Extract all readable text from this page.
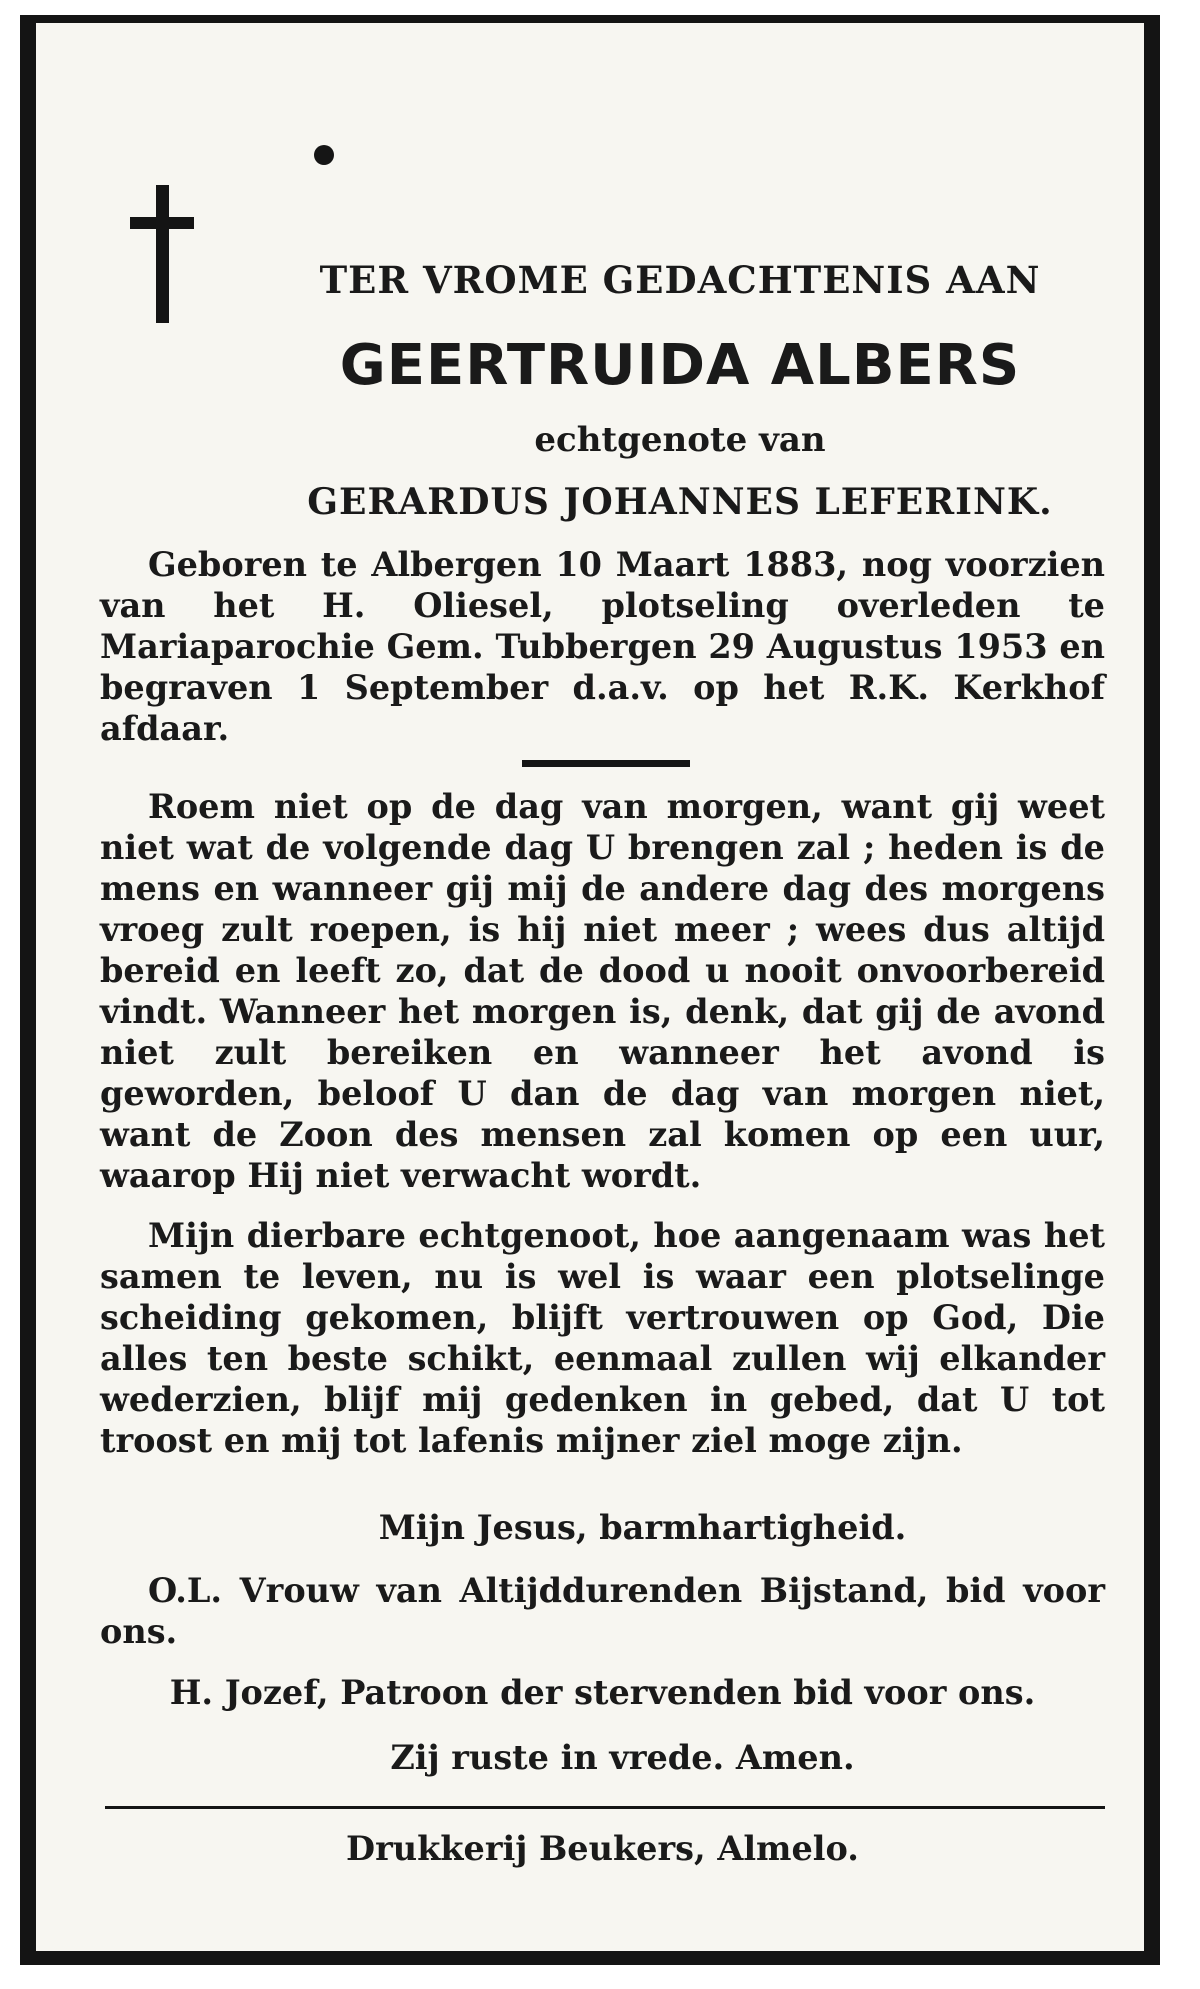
TER VROME GEDACHTENIS AAN
GEERTRUIDA ALBERS
echtgenote van
GERARDUS JOHANNES LEFERINK.
Geboren te Albergen 10 Maart 1883, nog voorzien van het H. Oliesel, plotseling overleden te Mariaparochie Gem. Tubbergen 29 Augustus 1953 en begraven 1 September d.a.v. op het R.K. Kerkhof afdaar.
Roem niet op de dag van morgen, want gij weet niet wat de volgende dag U brengen zal ; heden is de mens en wanneer gij mij de andere dag des morgens vroeg zult roepen, is hij niet meer ; wees dus altijd bereid en leeft zo, dat de dood u nooit onvoorbereid vindt. Wanneer het morgen is, denk, dat gij de avond niet zult bereiken en wanneer het avond is geworden, beloof U dan de dag van morgen niet, want de Zoon des mensen zal komen op een uur, waarop Hij niet verwacht wordt.
Mijn dierbare echtgenoot, hoe aangenaam was het samen te leven, nu is wel is waar een plotselinge scheiding gekomen, blijft vertrouwen op God, Die alles ten beste schikt, eenmaal zullen wij elkander wederzien, blijf mij gedenken in gebed, dat U tot troost en mij tot lafenis mijner ziel moge zijn.
Mijn Jesus, barmhartigheid.
O.L. Vrouw van Altijddurenden Bijstand, bid voor ons.
H. Jozef, Patroon der stervenden bid voor ons.
Zij ruste in vrede. Amen.
Drukkerij Beukers, Almelo.
